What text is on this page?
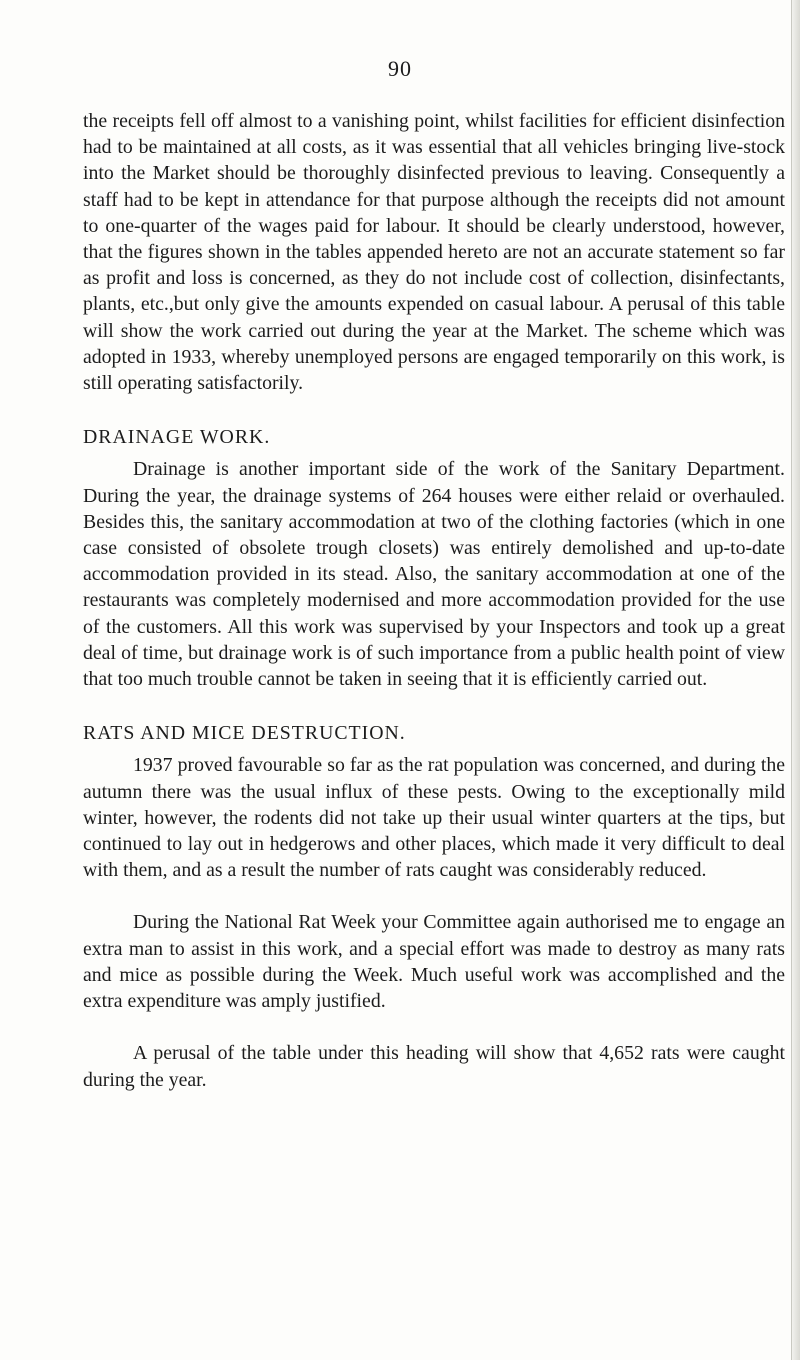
90

the receipts fell off almost to a vanishing point, whilst facilities for efficient disinfection had to be maintained at all costs, as it was essential that all vehicles bringing live-stock into the Market should be thoroughly disinfected previous to leaving. Consequently a staff had to be kept in attendance for that purpose although the receipts did not amount to one-quarter of the wages paid for labour. It should be clearly understood, however, that the figures shown in the tables appended hereto are not an accurate statement so far as profit and loss is concerned, as they do not include cost of collection, disinfectants, plants, etc.,but only give the amounts expended on casual labour. A perusal of this table will show the work carried out during the year at the Market. The scheme which was adopted in 1933, whereby unemployed persons are engaged temporarily on this work, is still operating satisfactorily.

DRAINAGE WORK.

Drainage is another important side of the work of the Sanitary Department. During the year, the drainage systems of 264 houses were either relaid or overhauled. Besides this, the sanitary accommodation at two of the clothing factories (which in one case consisted of obsolete trough closets) was entirely demolished and up-to-date accommodation provided in its stead. Also, the sanitary accommodation at one of the restaurants was completely modernised and more accommodation provided for the use of the customers. All this work was supervised by your Inspectors and took up a great deal of time, but drainage work is of such importance from a public health point of view that too much trouble cannot be taken in seeing that it is efficiently carried out.

RATS AND MICE DESTRUCTION.

1937 proved favourable so far as the rat population was concerned, and during the autumn there was the usual influx of these pests. Owing to the exceptionally mild winter, however, the rodents did not take up their usual winter quarters at the tips, but continued to lay out in hedgerows and other places, which made it very difficult to deal with them, and as a result the number of rats caught was considerably reduced.

During the National Rat Week your Committee again authorised me to engage an extra man to assist in this work, and a special effort was made to destroy as many rats and mice as possible during the Week. Much useful work was accomplished and the extra expenditure was amply justified.

A perusal of the table under this heading will show that 4,652 rats were caught during the year.
